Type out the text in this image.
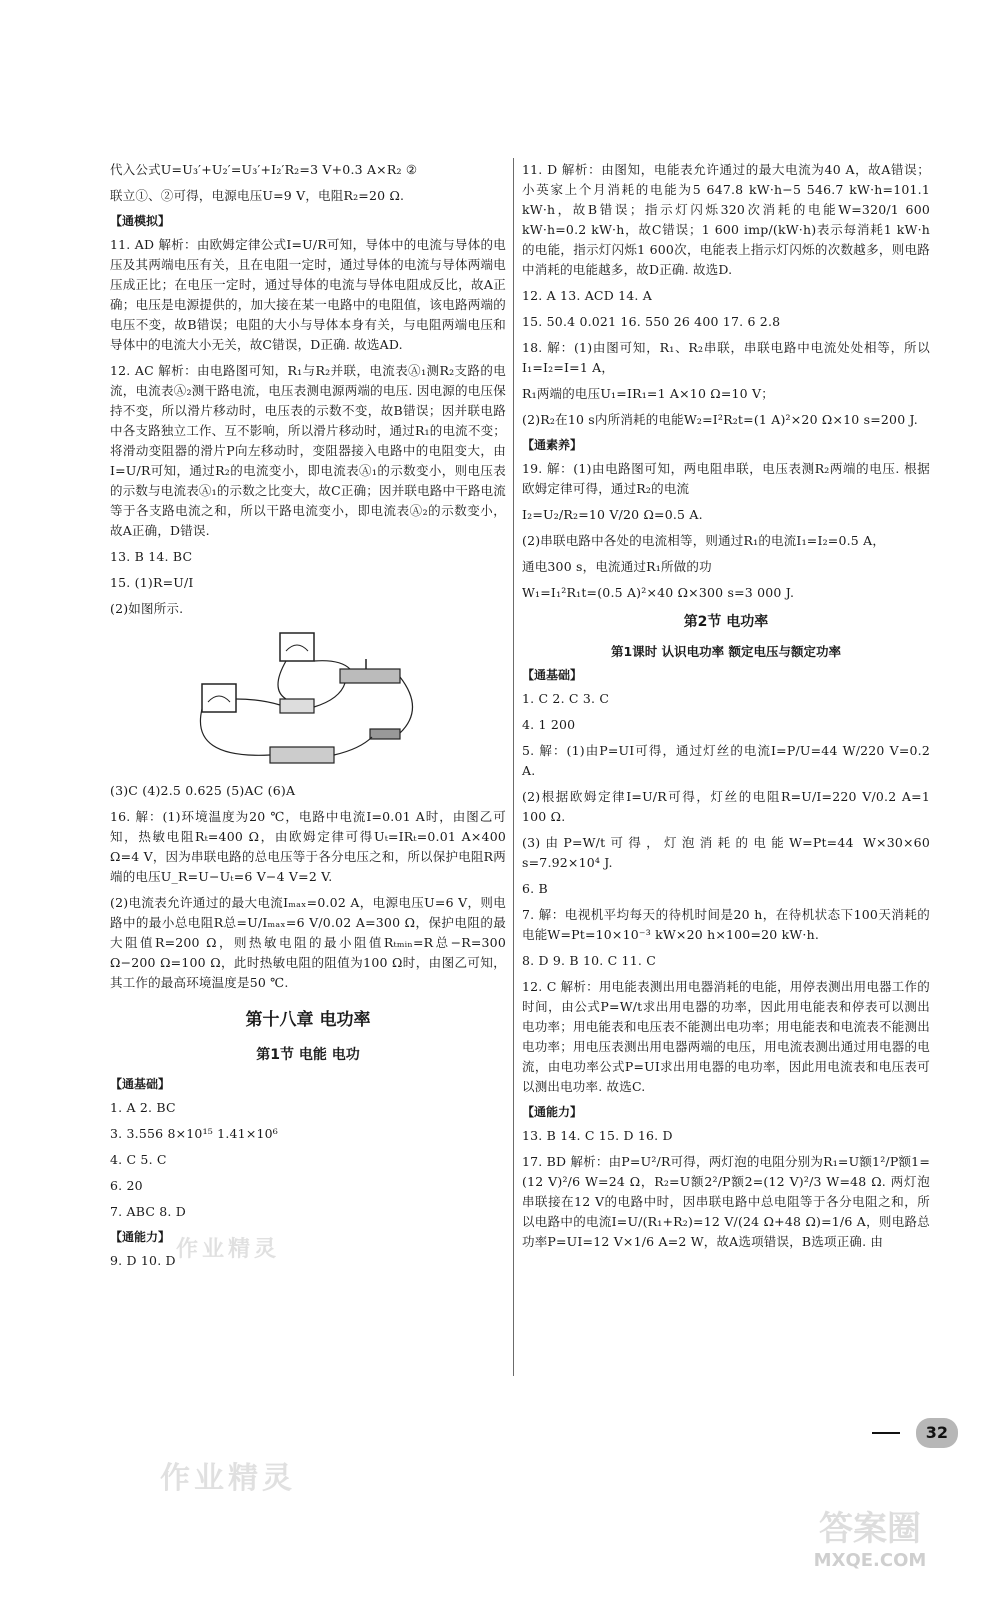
代入公式U=U₃′+U₂′=U₃′+I₂′R₂=3 V+0.3 A×R₂ ②

联立①、②可得，电源电压U=9 V，电阻R₂=20 Ω.

【通模拟】

11. AD 解析：由欧姆定律公式I=U/R可知，导体中的电流与导体的电压及其两端电压有关，且在电阻一定时，通过导体的电流与导体两端电压成正比；在电压一定时，通过导体的电流与导体电阻成反比，故A正确；电压是电源提供的，加大接在某一电路中的电阻值，该电路两端的电压不变，故B错误；电阻的大小与导体本身有关，与电阻两端电压和导体中的电流大小无关，故C错误，D正确. 故选AD.

12. AC 解析：由电路图可知，R₁与R₂并联，电流表Ⓐ₁测R₂支路的电流，电流表Ⓐ₂测干路电流，电压表测电源两端的电压. 因电源的电压保持不变，所以滑片移动时，电压表的示数不变，故B错误；因并联电路中各支路独立工作、互不影响，所以滑片移动时，通过R₁的电流不变；将滑动变阻器的滑片P向左移动时，变阻器接入电路中的电阻变大，由I=U/R可知，通过R₂的电流变小，即电流表Ⓐ₁的示数变小，则电压表的示数与电流表Ⓐ₁的示数之比变大，故C正确；因并联电路中干路电流等于各支路电流之和，所以干路电流变小，即电流表Ⓐ₂的示数变小，故A正确，D错误.

13. B 14. BC

15. (1)R=U/I

(2)如图所示.

(3)C (4)2.5 0.625 (5)AC (6)A

16. 解：(1)环境温度为20 ℃，电路中电流I=0.01 A时，由图乙可知，热敏电阻Rₜ=400 Ω，由欧姆定律可得Uₜ=IRₜ=0.01 A×400 Ω=4 V，因为串联电路的总电压等于各分电压之和，所以保护电阻R两端的电压U_R=U−Uₜ=6 V−4 V=2 V.

(2)电流表允许通过的最大电流Iₘₐₓ=0.02 A，电源电压U=6 V，则电路中的最小总电阻R总=U/Iₘₐₓ=6 V/0.02 A=300 Ω，保护电阻的最大阻值R=200 Ω，则热敏电阻的最小阻值Rₜₘᵢₙ=R总−R=300 Ω−200 Ω=100 Ω，此时热敏电阻的阻值为100 Ω时，由图乙可知，其工作的最高环境温度是50 ℃.

第十八章 电功率
第1节 电能 电功
【通基础】

1. A 2. BC

3. 3.556 8×10¹⁵ 1.41×10⁶

4. C 5. C

6. 20

7. ABC 8. D

【通能力】

9. D 10. D

11. D 解析：由图知，电能表允许通过的最大电流为40 A，故A错误；小英家上个月消耗的电能为5 647.8 kW·h−5 546.7 kW·h=101.1 kW·h，故B错误；指示灯闪烁320次消耗的电能W=320/1 600 kW·h=0.2 kW·h，故C错误；1 600 imp/(kW·h)表示每消耗1 kW·h的电能，指示灯闪烁1 600次，电能表上指示灯闪烁的次数越多，则电路中消耗的电能越多，故D正确. 故选D.

12. A 13. ACD 14. A

15. 50.4 0.021 16. 550 26 400 17. 6 2.8

18. 解：(1)由图可知，R₁、R₂串联，串联电路中电流处处相等，所以I₁=I₂=I=1 A，

R₁两端的电压U₁=IR₁=1 A×10 Ω=10 V；

(2)R₂在10 s内所消耗的电能W₂=I²R₂t=(1 A)²×20 Ω×10 s=200 J.

【通素养】

19. 解：(1)由电路图可知，两电阻串联，电压表测R₂两端的电压. 根据欧姆定律可得，通过R₂的电流

I₂=U₂/R₂=10 V/20 Ω=0.5 A.

(2)串联电路中各处的电流相等，则通过R₁的电流I₁=I₂=0.5 A，

通电300 s，电流通过R₁所做的功

W₁=I₁²R₁t=(0.5 A)²×40 Ω×300 s=3 000 J.

第2节 电功率
第1课时 认识电功率 额定电压与额定功率
【通基础】

1. C 2. C 3. C

4. 1 200

5. 解：(1)由P=UI可得，通过灯丝的电流I=P/U=44 W/220 V=0.2 A.

(2)根据欧姆定律I=U/R可得，灯丝的电阻R=U/I=220 V/0.2 A=1 100 Ω.

(3)由P=W/t可得，灯泡消耗的电能W=Pt=44 W×30×60 s=7.92×10⁴ J.

6. B

7. 解：电视机平均每天的待机时间是20 h，在待机状态下100天消耗的电能W=Pt=10×10⁻³ kW×20 h×100=20 kW·h.

8. D 9. B 10. C 11. C

12. C 解析：用电能表测出用电器消耗的电能，用停表测出用电器工作的时间，由公式P=W/t求出用电器的功率，因此用电能表和停表可以测出电功率；用电能表和电压表不能测出电功率；用电能表和电流表不能测出电功率；用电压表测出用电器两端的电压，用电流表测出通过用电器的电流，由电功率公式P=UI求出用电器的电功率，因此用电流表和电压表可以测出电功率. 故选C.

【通能力】

13. B 14. C 15. D 16. D

17. BD 解析：由P=U²/R可得，两灯泡的电阻分别为R₁=U额1²/P额1=(12 V)²/6 W=24 Ω，R₂=U额2²/P额2=(12 V)²/3 W=48 Ω. 两灯泡串联接在12 V的电路中时，因串联电路中总电阻等于各分电阻之和，所以电路中的电流I=U/(R₁+R₂)=12 V/(24 Ω+48 Ω)=1/6 A，则电路总功率P=UI=12 V×1/6 A=2 W，故A选项错误，B选项正确. 由

作业精灵
作业精灵
32
答案圈
MXQE.COM
